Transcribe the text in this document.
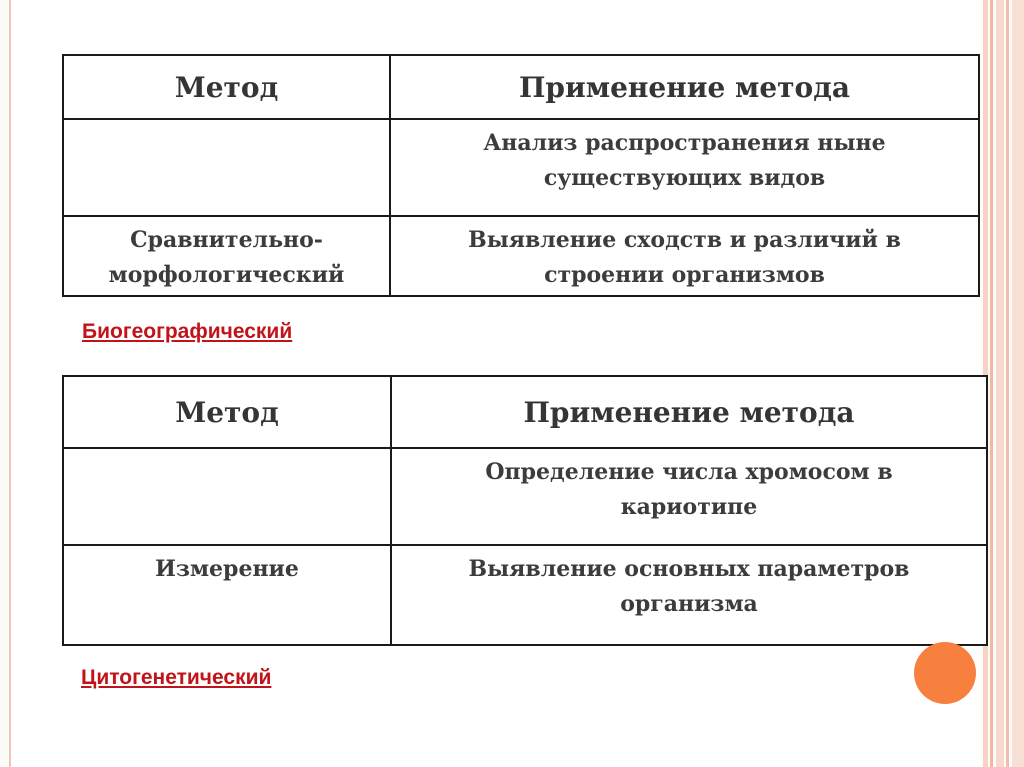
Метод	Применение метода
	Анализ распространения ныне существующих видов
Сравнительно-морфологический	Выявление сходств и различий в строении организмов
Биогеографический
Метод	Применение метода
	Определение числа хромосом в кариотипе
Измерение	Выявление основных параметров организма
Цитогенетический
